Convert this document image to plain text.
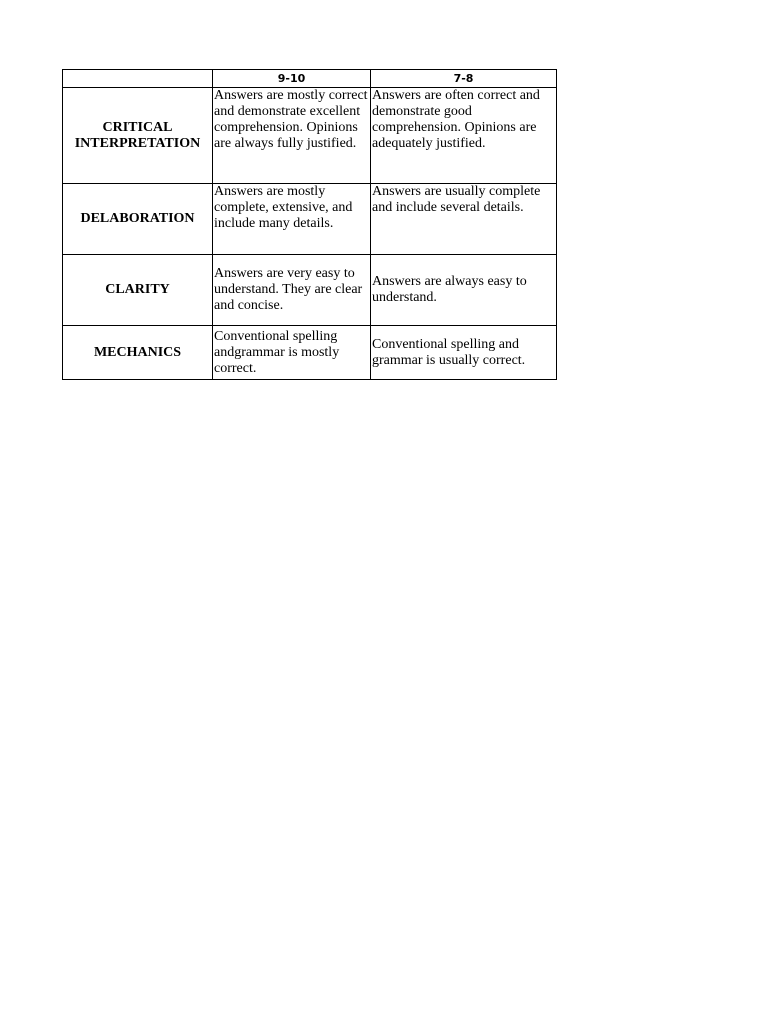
	9-10	7-8
CRITICAL INTERPRETATION	Answers are mostly correct and demonstrate excellent comprehension. Opinions are always fully justified.	Answers are often correct and demonstrate good comprehension. Opinions are adequately justified.
DELABORATION	Answers are mostly complete, extensive, and include many details.	Answers are usually complete and include several details.
CLARITY	Answers are very easy to understand. They are clear and concise.	Answers are always easy to understand.
MECHANICS	Conventional spelling andgrammar is mostly correct.	Conventional spelling and grammar is usually correct.
